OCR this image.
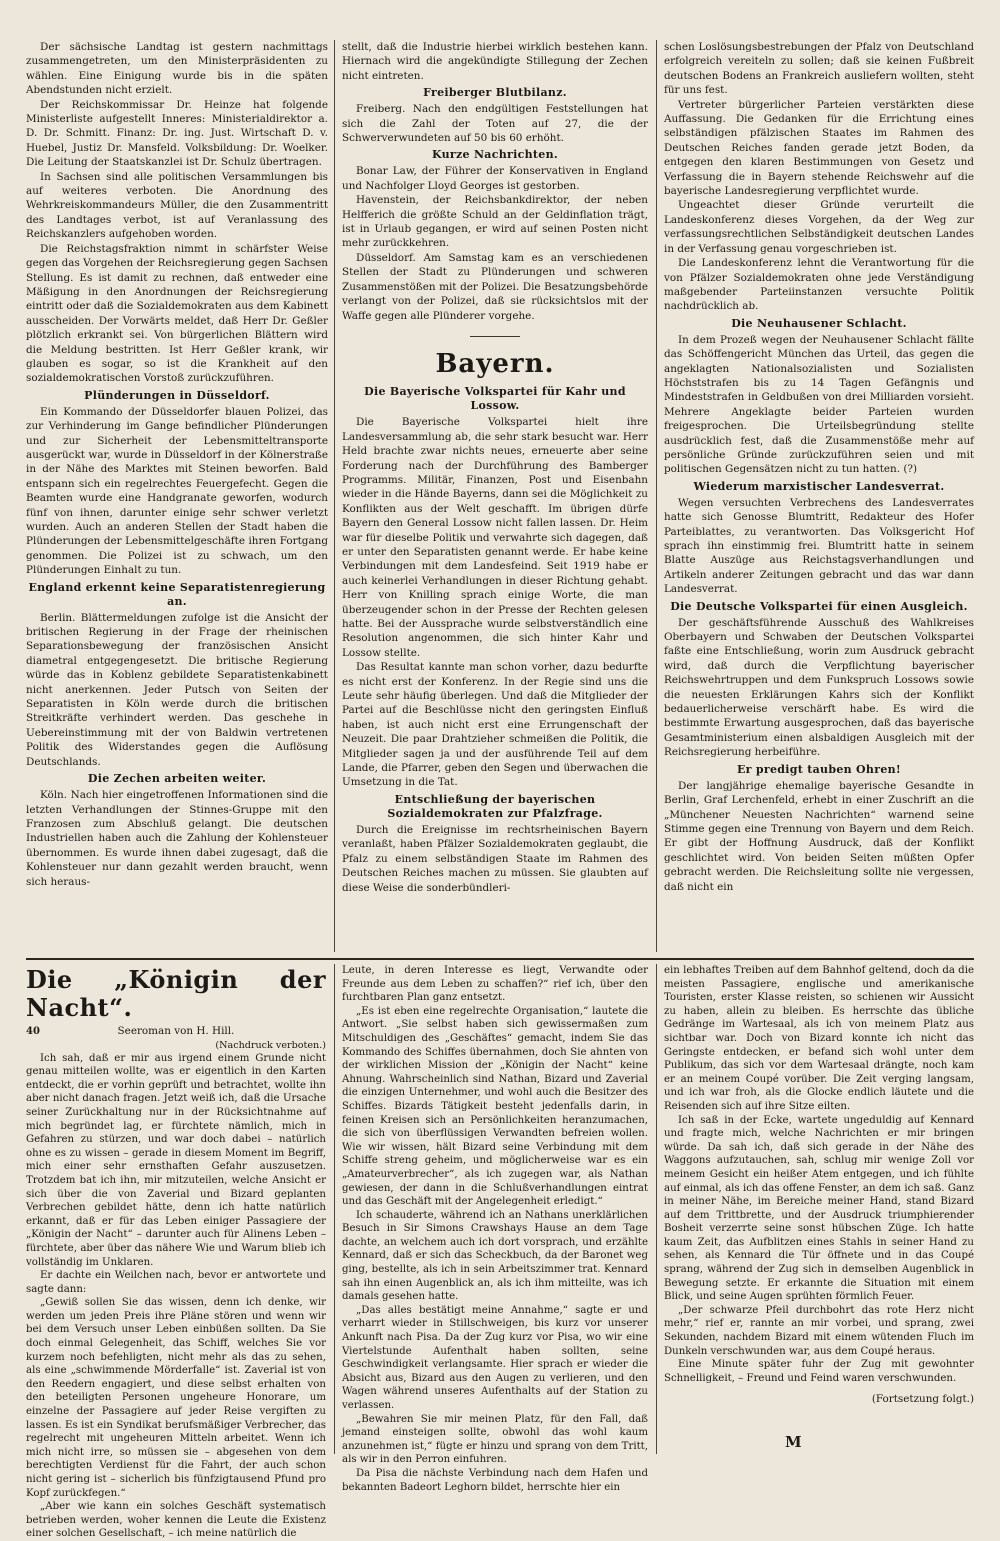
Der sächsische Landtag ist gestern nachmittags zusammengetreten, um den Ministerpräsidenten zu wählen. Eine Einigung wurde bis in die späten Abendstunden nicht erzielt.

Der Reichskommissar Dr. Heinze hat folgende Ministerliste aufgestellt Inneres: Ministerialdirektor a. D. Dr. Schmitt. Finanz: Dr. ing. Just. Wirtschaft D. v. Huebel, Justiz Dr. Mansfeld. Volksbildung: Dr. Woelker. Die Leitung der Staatskanzlei ist Dr. Schulz übertragen.

In Sachsen sind alle politischen Versammlungen bis auf weiteres verboten. Die Anordnung des Wehrkreiskommandeurs Müller, die den Zusammentritt des Landtages verbot, ist auf Veranlassung des Reichskanzlers aufgehoben worden.

Die Reichstagsfraktion nimmt in schärfster Weise gegen das Vorgehen der Reichsregierung gegen Sachsen Stellung. Es ist damit zu rechnen, daß entweder eine Mäßigung in den Anordnungen der Reichsregierung eintritt oder daß die Sozialdemokraten aus dem Kabinett ausscheiden. Der Vorwärts meldet, daß Herr Dr. Geßler plötzlich erkrankt sei. Von bürgerlichen Blättern wird die Meldung bestritten. Ist Herr Geßler krank, wir glauben es sogar, so ist die Krankheit auf den sozialdemokratischen Vorstoß zurückzuführen.

Plünderungen in Düsseldorf.

Ein Kommando der Düsseldorfer blauen Polizei, das zur Verhinderung im Gange befindlicher Plünderungen und zur Sicherheit der Lebensmitteltransporte ausgerückt war, wurde in Düsseldorf in der Kölnerstraße in der Nähe des Marktes mit Steinen beworfen. Bald entspann sich ein regelrechtes Feuergefecht. Gegen die Beamten wurde eine Handgranate geworfen, wodurch fünf von ihnen, darunter einige sehr schwer verletzt wurden. Auch an anderen Stellen der Stadt haben die Plünderungen der Lebensmittelgeschäfte ihren Fortgang genommen. Die Polizei ist zu schwach, um den Plünderungen Einhalt zu tun.

England erkennt keine Separatistenregierung an.

Berlin. Blättermeldungen zufolge ist die Ansicht der britischen Regierung in der Frage der rheinischen Separationsbewegung der französischen Ansicht diametral entgegengesetzt. Die britische Regierung würde das in Koblenz gebildete Separatistenkabinett nicht anerkennen. Jeder Putsch von Seiten der Separatisten in Köln werde durch die britischen Streitkräfte verhindert werden. Das geschehe in Uebereinstimmung mit der von Baldwin vertretenen Politik des Widerstandes gegen die Auflösung Deutschlands.

Die Zechen arbeiten weiter.

Köln. Nach hier eingetroffenen Informationen sind die letzten Verhandlungen der Stinnes-Gruppe mit den Franzosen zum Abschluß gelangt. Die deutschen Industriellen haben auch die Zahlung der Kohlensteuer übernommen. Es wurde ihnen dabei zugesagt, daß die Kohlensteuer nur dann gezahlt werden braucht, wenn sich heraus-

stellt, daß die Industrie hierbei wirklich bestehen kann. Hiernach wird die angekündigte Stillegung der Zechen nicht eintreten.

Freiberger Blutbilanz.

Freiberg. Nach den endgültigen Feststellungen hat sich die Zahl der Toten auf 27, die der Schwerverwundeten auf 50 bis 60 erhöht.

Kurze Nachrichten.

Bonar Law, der Führer der Konservativen in England und Nachfolger Lloyd Georges ist gestorben.

Havenstein, der Reichsbankdirektor, der neben Helfferich die größte Schuld an der Geldinflation trägt, ist in Urlaub gegangen, er wird auf seinen Posten nicht mehr zurückkehren.

Düsseldorf. Am Samstag kam es an verschiedenen Stellen der Stadt zu Plünderungen und schweren Zusammenstößen mit der Polizei. Die Besatzungsbehörde verlangt von der Polizei, daß sie rücksichtslos mit der Waffe gegen alle Plünderer vorgehe.

Bayern.
Die Bayerische Volkspartei für Kahr und Lossow.

Die Bayerische Volkspartei hielt ihre Landesversammlung ab, die sehr stark besucht war. Herr Held brachte zwar nichts neues, erneuerte aber seine Forderung nach der Durchführung des Bamberger Programms. Militär, Finanzen, Post und Eisenbahn wieder in die Hände Bayerns, dann sei die Möglichkeit zu Konflikten aus der Welt geschafft. Im übrigen dürfe Bayern den General Lossow nicht fallen lassen. Dr. Heim war für dieselbe Politik und verwahrte sich dagegen, daß er unter den Separatisten genannt werde. Er habe keine Verbindungen mit dem Landesfeind. Seit 1919 habe er auch keinerlei Verhandlungen in dieser Richtung gehabt. Herr von Knilling sprach einige Worte, die man überzeugender schon in der Presse der Rechten gelesen hatte. Bei der Aussprache wurde selbstverständlich eine Resolution angenommen, die sich hinter Kahr und Lossow stellte.

Das Resultat kannte man schon vorher, dazu bedurfte es nicht erst der Konferenz. In der Regie sind uns die Leute sehr häufig überlegen. Und daß die Mitglieder der Partei auf die Beschlüsse nicht den geringsten Einfluß haben, ist auch nicht erst eine Errungenschaft der Neuzeit. Die paar Drahtzieher schmeißen die Politik, die Mitglieder sagen ja und der ausführende Teil auf dem Lande, die Pfarrer, geben den Segen und überwachen die Umsetzung in die Tat.

Entschließung der bayerischen Sozialdemokraten zur Pfalzfrage.

Durch die Ereignisse im rechtsrheinischen Bayern veranlaßt, haben Pfälzer Sozialdemokraten geglaubt, die Pfalz zu einem selbständigen Staate im Rahmen des Deutschen Reiches machen zu müssen. Sie glaubten auf diese Weise die sonderbündleri-

schen Loslösungsbestrebungen der Pfalz von Deutschland erfolgreich vereiteln zu sollen; daß sie keinen Fußbreit deutschen Bodens an Frankreich ausliefern wollten, steht für uns fest.

Vertreter bürgerlicher Parteien verstärkten diese Auffassung. Die Gedanken für die Errichtung eines selbständigen pfälzischen Staates im Rahmen des Deutschen Reiches fanden gerade jetzt Boden, da entgegen den klaren Bestimmungen von Gesetz und Verfassung die in Bayern stehende Reichswehr auf die bayerische Landesregierung verpflichtet wurde.

Ungeachtet dieser Gründe verurteilt die Landeskonferenz dieses Vorgehen, da der Weg zur verfassungsrechtlichen Selbständigkeit deutschen Landes in der Verfassung genau vorgeschrieben ist.

Die Landeskonferenz lehnt die Verantwortung für die von Pfälzer Sozialdemokraten ohne jede Verständigung maßgebender Parteiinstanzen versuchte Politik nachdrücklich ab.

Die Neuhausener Schlacht.

In dem Prozeß wegen der Neuhausener Schlacht fällte das Schöffengericht München das Urteil, das gegen die angeklagten Nationalsozialisten und Sozialisten Höchststrafen bis zu 14 Tagen Gefängnis und Mindeststrafen in Geldbußen von drei Milliarden vorsieht. Mehrere Angeklagte beider Parteien wurden freigesprochen. Die Urteilsbegründung stellte ausdrücklich fest, daß die Zusammenstöße mehr auf persönliche Gründe zurückzuführen seien und mit politischen Gegensätzen nicht zu tun hatten. (?)

Wiederum marxistischer Landesverrat.

Wegen versuchten Verbrechens des Landesverrates hatte sich Genosse Blumtritt, Redakteur des Hofer Parteiblattes, zu verantworten. Das Volksgericht Hof sprach ihn einstimmig frei. Blumtritt hatte in seinem Blatte Auszüge aus Reichstagsverhandlungen und Artikeln anderer Zeitungen gebracht und das war dann Landesverrat.

Die Deutsche Volkspartei für einen Ausgleich.

Der geschäftsführende Ausschuß des Wahlkreises Oberbayern und Schwaben der Deutschen Volkspartei faßte eine Entschließung, worin zum Ausdruck gebracht wird, daß durch die Verpflichtung bayerischer Reichswehrtruppen und dem Funkspruch Lossows sowie die neuesten Erklärungen Kahrs sich der Konflikt bedauerlicherweise verschärft habe. Es wird die bestimmte Erwartung ausgesprochen, daß das bayerische Gesamtministerium einen alsbaldigen Ausgleich mit der Reichsregierung herbeiführe.

Er predigt tauben Ohren!

Der langjährige ehemalige bayerische Gesandte in Berlin, Graf Lerchenfeld, erhebt in einer Zuschrift an die „Münchener Neuesten Nachrichten“ warnend seine Stimme gegen eine Trennung von Bayern und dem Reich. Er gibt der Hoffnung Ausdruck, daß der Konflikt geschlichtet wird. Von beiden Seiten müßten Opfer gebracht werden. Die Reichsleitung sollte nie vergessen, daß nicht ein

Die „Königin der Nacht“.
40	Seeroman von H. Hill.
(Nachdruck verboten.)

Ich sah, daß er mir aus irgend einem Grunde nicht genau mitteilen wollte, was er eigentlich in den Karten entdeckt, die er vorhin geprüft und betrachtet, wollte ihn aber nicht danach fragen. Jetzt weiß ich, daß die Ursache seiner Zurückhaltung nur in der Rücksichtnahme auf mich begründet lag, er fürchtete nämlich, mich in Gefahren zu stürzen, und war doch dabei – natürlich ohne es zu wissen – gerade in diesem Moment im Begriff, mich einer sehr ernsthaften Gefahr auszusetzen. Trotzdem bat ich ihn, mir mitzuteilen, welche Ansicht er sich über die von Zaverial und Bizard geplanten Verbrechen gebildet hätte, denn ich hatte natürlich erkannt, daß er für das Leben einiger Passagiere der „Königin der Nacht“ – darunter auch für Alinens Leben – fürchtete, aber über das nähere Wie und Warum blieb ich vollständig im Unklaren.

Er dachte ein Weilchen nach, bevor er antwortete und sagte dann:

„Gewiß sollen Sie das wissen, denn ich denke, wir werden um jeden Preis ihre Pläne stören und wenn wir bei dem Versuch unser Leben einbüßen sollten. Da Sie doch einmal Gelegenheit, das Schiff, welches Sie vor kurzem noch befehligten, nicht mehr als das zu sehen, als eine „schwimmende Mörderfalle“ ist. Zaverial ist von den Reedern engagiert, und diese selbst erhalten von den beteiligten Personen ungeheure Honorare, um einzelne der Passagiere auf jeder Reise vergiften zu lassen. Es ist ein Syndikat berufsmäßiger Verbrecher, das regelrecht mit ungeheuren Mitteln arbeitet. Wenn ich mich nicht irre, so müssen sie – abgesehen von dem berechtigten Verdienst für die Fahrt, der auch schon nicht gering ist – sicherlich bis fünfzigtausend Pfund pro Kopf zurückfegen.“

„Aber wie kann ein solches Geschäft systematisch betrieben werden, woher kennen die Leute die Existenz einer solchen Gesellschaft, – ich meine natürlich die

Leute, in deren Interesse es liegt, Verwandte oder Freunde aus dem Leben zu schaffen?“ rief ich, über den furchtbaren Plan ganz entsetzt.

„Es ist eben eine regelrechte Organisation,“ lautete die Antwort. „Sie selbst haben sich gewissermaßen zum Mitschuldigen des „Geschäftes“ gemacht, indem Sie das Kommando des Schiffes übernahmen, doch Sie ahnten von der wirklichen Mission der „Königin der Nacht“ keine Ahnung. Wahrscheinlich sind Nathan, Bizard und Zaverial die einzigen Unternehmer, und wohl auch die Besitzer des Schiffes. Bizards Tätigkeit besteht jedenfalls darin, in feinen Kreisen sich an Persönlichkeiten heranzumachen, die sich von überflüssigen Verwandten befreien wollen. Wie wir wissen, hält Bizard seine Verbindung mit dem Schiffe streng geheim, und möglicherweise war es ein „Amateurverbrecher“, als ich zugegen war, als Nathan gewiesen, der dann in die Schlußverhandlungen eintrat und das Geschäft mit der Angelegenheit erledigt.“

Ich schauderte, während ich an Nathans unerklärlichen Besuch in Sir Simons Crawshays Hause an dem Tage dachte, an welchem auch ich dort vorsprach, und erzählte Kennard, daß er sich das Scheckbuch, da der Baronet weg ging, bestellte, als ich in sein Arbeitszimmer trat. Kennard sah ihn einen Augenblick an, als ich ihm mitteilte, was ich damals gesehen hatte.

„Das alles bestätigt meine Annahme,“ sagte er und verharrt wieder in Stillschweigen, bis kurz vor unserer Ankunft nach Pisa. Da der Zug kurz vor Pisa, wo wir eine Viertelstunde Aufenthalt haben sollten, seine Geschwindigkeit verlangsamte. Hier sprach er wieder die Absicht aus, Bizard aus den Augen zu verlieren, und den Wagen während unseres Aufenthalts auf der Station zu verlassen.

„Bewahren Sie mir meinen Platz, für den Fall, daß jemand einsteigen sollte, obwohl das wohl kaum anzunehmen ist,“ fügte er hinzu und sprang von dem Tritt, als wir in den Perron einfuhren.

Da Pisa die nächste Verbindung nach dem Hafen und bekannten Badeort Leghorn bildet, herrschte hier ein

ein lebhaftes Treiben auf dem Bahnhof geltend, doch da die meisten Passagiere, englische und amerikanische Touristen, erster Klasse reisten, so schienen wir Aussicht zu haben, allein zu bleiben. Es herrschte das übliche Gedränge im Wartesaal, als ich von meinem Platz aus sichtbar war. Doch von Bizard konnte ich nicht das Geringste entdecken, er befand sich wohl unter dem Publikum, das sich vor dem Wartesaal drängte, noch kam er an meinem Coupé vorüber. Die Zeit verging langsam, und ich war froh, als die Glocke endlich läutete und die Reisenden sich auf ihre Sitze eilten.

Ich saß in der Ecke, wartete ungeduldig auf Kennard und fragte mich, welche Nachrichten er mir bringen würde. Da sah ich, daß sich gerade in der Nähe des Waggons aufzutauchen, sah, schlug mir wenige Zoll vor meinem Gesicht ein heißer Atem entgegen, und ich fühlte auf einmal, als ich das offene Fenster, an dem ich saß. Ganz in meiner Nähe, im Bereiche meiner Hand, stand Bizard auf dem Trittbrette, und der Ausdruck triumphierender Bosheit verzerrte seine sonst hübschen Züge. Ich hatte kaum Zeit, das Aufblitzen eines Stahls in seiner Hand zu sehen, als Kennard die Tür öffnete und in das Coupé sprang, während der Zug sich in demselben Augenblick in Bewegung setzte. Er erkannte die Situation mit einem Blick, und seine Augen sprühten förmlich Feuer.

„Der schwarze Pfeil durchbohrt das rote Herz nicht mehr,“ rief er, rannte an mir vorbei, und sprang, zwei Sekunden, nachdem Bizard mit einem wütenden Fluch im Dunkeln verschwunden war, aus dem Coupé heraus.

Eine Minute später fuhr der Zug mit gewohnter Schnelligkeit, – Freund und Feind waren verschwunden.

(Fortsetzung folgt.)
M
